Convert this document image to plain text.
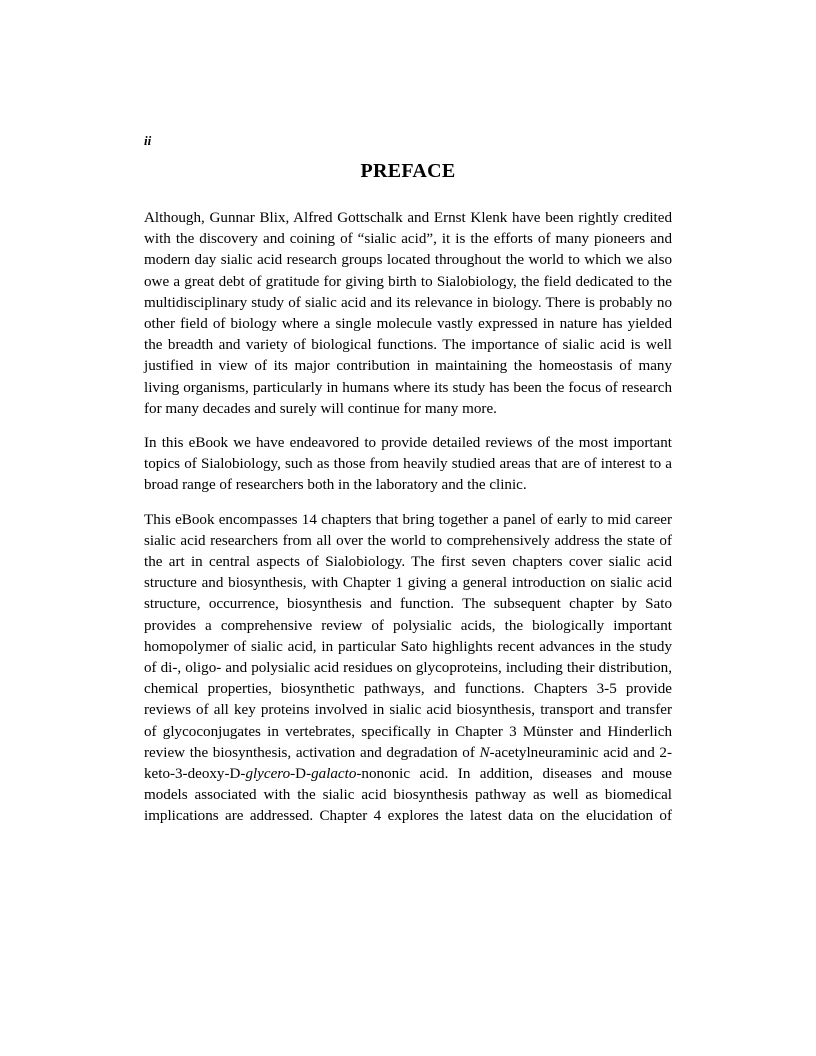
ii
PREFACE

Although, Gunnar Blix, Alfred Gottschalk and Ernst Klenk have been rightly credited with the discovery and coining of “sialic acid”, it is the efforts of many pioneers and modern day sialic acid research groups located throughout the world to which we also owe a great debt of gratitude for giving birth to Sialobiology, the field dedicated to the multidisciplinary study of sialic acid and its relevance in biology. There is probably no other field of biology where a single molecule vastly expressed in nature has yielded the breadth and variety of biological functions. The importance of sialic acid is well justified in view of its major contribution in maintaining the homeostasis of many living organisms, particularly in humans where its study has been the focus of research for many decades and surely will continue for many more.

In this eBook we have endeavored to provide detailed reviews of the most important topics of Sialobiology, such as those from heavily studied areas that are of interest to a broad range of researchers both in the laboratory and the clinic.

This eBook encompasses 14 chapters that bring together a panel of early to mid career sialic acid researchers from all over the world to comprehensively address the state of the art in central aspects of Sialobiology. The first seven chapters cover sialic acid structure and biosynthesis, with Chapter 1 giving a general introduction on sialic acid structure, occurrence, biosynthesis and function. The subsequent chapter by Sato provides a comprehensive review of polysialic acids, the biologically important homopolymer of sialic acid, in particular Sato highlights recent advances in the study of di-, oligo- and polysialic acid residues on glycoproteins, including their distribution, chemical properties, biosynthetic pathways, and functions. Chapters 3-5 provide reviews of all key proteins involved in sialic acid biosynthesis, transport and transfer of glycoconjugates in vertebrates, specifically in Chapter 3 Münster and Hinderlich review the biosynthesis, activation and degradation of N-acetylneuraminic acid and 2-keto-3-deoxy-D-glycero-D-galacto-nononic acid. In addition, diseases and mouse models associated with the sialic acid biosynthesis pathway as well as biomedical implications are addressed. Chapter 4 explores the latest data on the elucidation of
